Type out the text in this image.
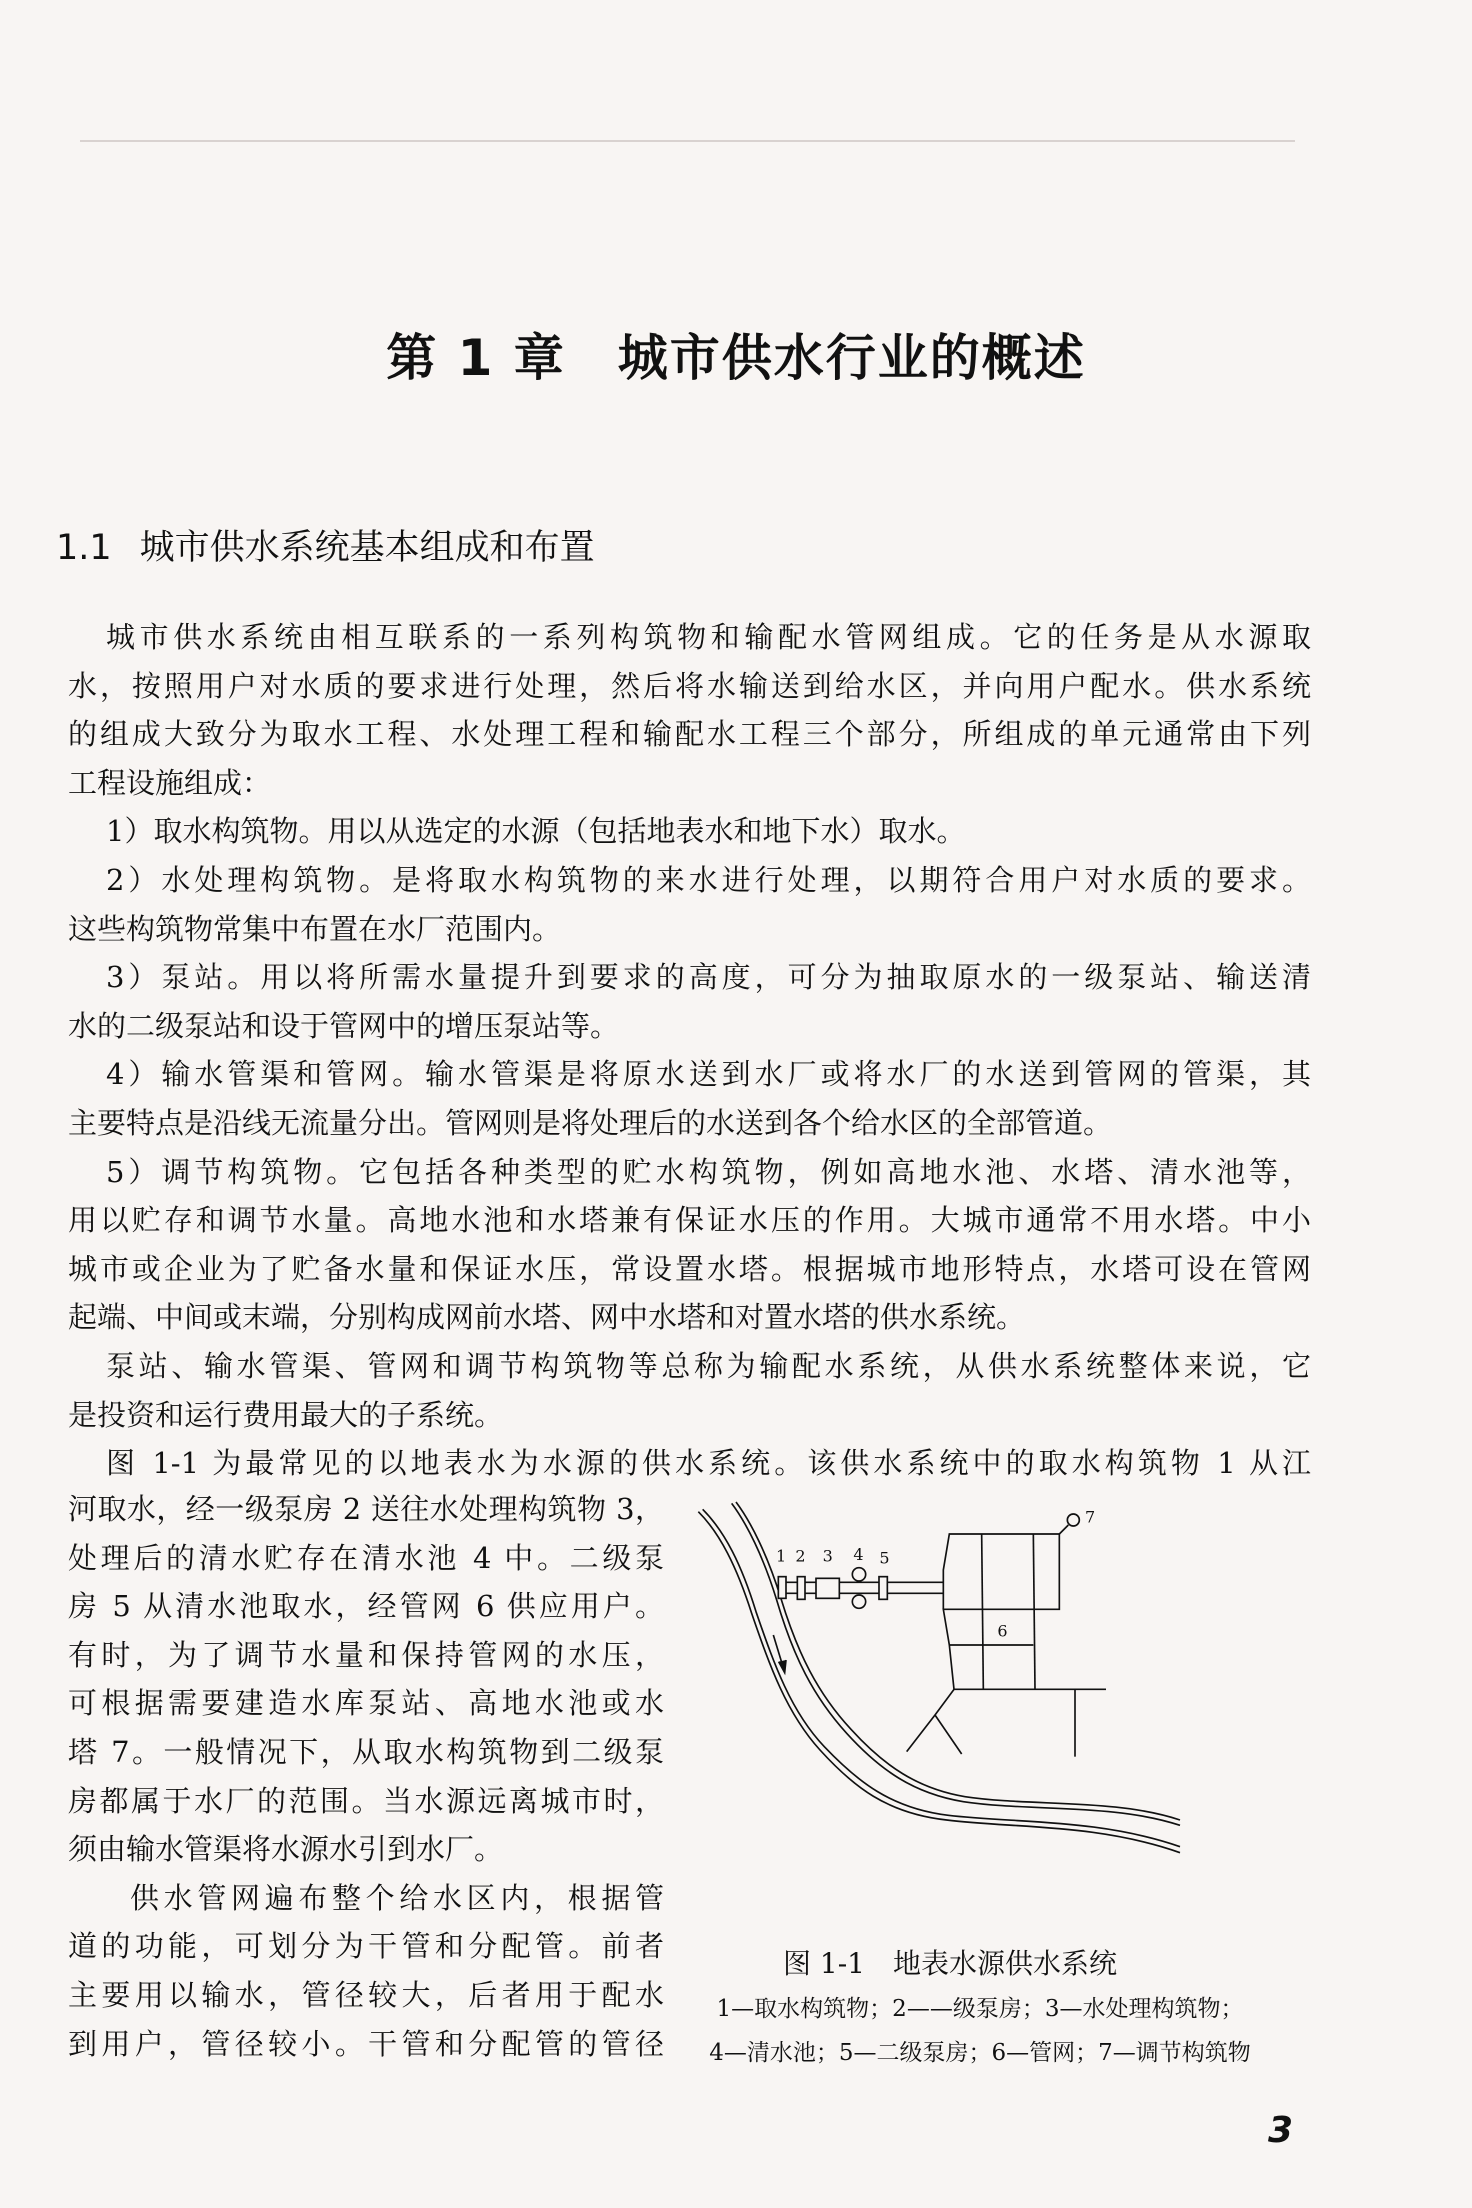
第 1 章　城市供水行业的概述
1.1 城市供水系统基本组成和布置
城市供水系统由相互联系的一系列构筑物和输配水管网组成。它的任务是从水源取
水，按照用户对水质的要求进行处理，然后将水输送到给水区，并向用户配水。供水系统
的组成大致分为取水工程、水处理工程和输配水工程三个部分，所组成的单元通常由下列
工程设施组成：
1）取水构筑物。用以从选定的水源（包括地表水和地下水）取水。
2）水处理构筑物。是将取水构筑物的来水进行处理，以期符合用户对水质的要求。
这些构筑物常集中布置在水厂范围内。
3）泵站。用以将所需水量提升到要求的高度，可分为抽取原水的一级泵站、输送清
水的二级泵站和设于管网中的增压泵站等。
4）输水管渠和管网。输水管渠是将原水送到水厂或将水厂的水送到管网的管渠，其
主要特点是沿线无流量分出。管网则是将处理后的水送到各个给水区的全部管道。
5）调节构筑物。它包括各种类型的贮水构筑物，例如高地水池、水塔、清水池等，
用以贮存和调节水量。高地水池和水塔兼有保证水压的作用。大城市通常不用水塔。中小
城市或企业为了贮备水量和保证水压，常设置水塔。根据城市地形特点，水塔可设在管网
起端、中间或末端，分别构成网前水塔、网中水塔和对置水塔的供水系统。
泵站、输水管渠、管网和调节构筑物等总称为输配水系统，从供水系统整体来说，它
是投资和运行费用最大的子系统。
图 1-1 为最常见的以地表水为水源的供水系统。该供水系统中的取水构筑物 1 从江
河取水，经一级泵房 2 送往水处理构筑物 3，
处理后的清水贮存在清水池 4 中。二级泵
房 5 从清水池取水，经管网 6 供应用户。
有时，为了调节水量和保持管网的水压，
可根据需要建造水库泵站、高地水池或水
塔 7。一般情况下，从取水构筑物到二级泵
房都属于水厂的范围。当水源远离城市时，
须由输水管渠将水源水引到水厂。
供水管网遍布整个给水区内，根据管
道的功能，可划分为干管和分配管。前者
主要用以输水，管径较大，后者用于配水
到用户，管径较小。干管和分配管的管径
1 2 3 4 5
6
7
图 1-1　地表水源供水系统
1—取水构筑物；2——级泵房；3—水处理构筑物；
4—清水池；5—二级泵房；6—管网；7—调节构筑物
3
